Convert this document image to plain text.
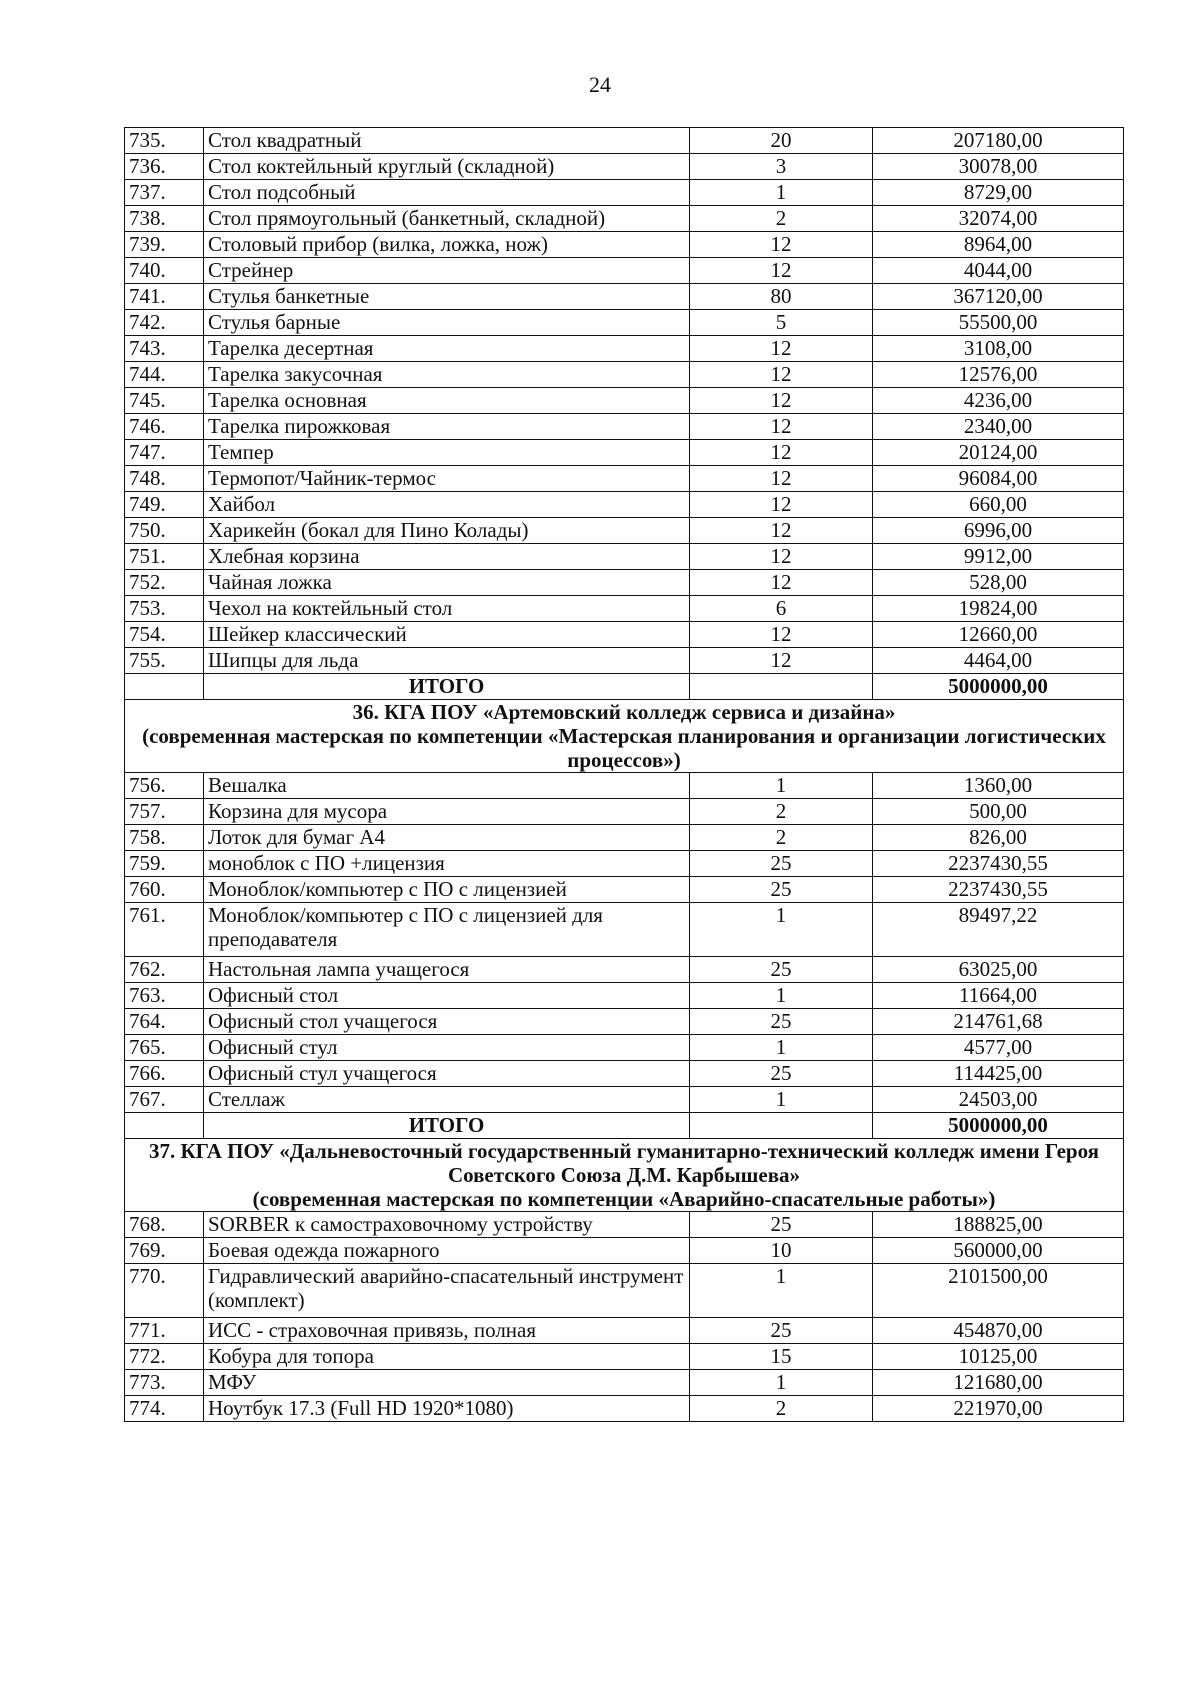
24
735.	Стол квадратный	20	207180,00
736.	Стол коктейльный круглый (складной)	3	30078,00
737.	Стол подсобный	1	8729,00
738.	Стол прямоугольный (банкетный, складной)	2	32074,00
739.	Столовый прибор (вилка, ложка, нож)	12	8964,00
740.	Стрейнер	12	4044,00
741.	Стулья банкетные	80	367120,00
742.	Стулья барные	5	55500,00
743.	Тарелка десертная	12	3108,00
744.	Тарелка закусочная	12	12576,00
745.	Тарелка основная	12	4236,00
746.	Тарелка пирожковая	12	2340,00
747.	Темпер	12	20124,00
748.	Термопот/Чайник-термос	12	96084,00
749.	Хайбол	12	660,00
750.	Харикейн (бокал для Пино Колады)	12	6996,00
751.	Хлебная корзина	12	9912,00
752.	Чайная ложка	12	528,00
753.	Чехол на коктейльный стол	6	19824,00
754.	Шейкер классический	12	12660,00
755.	Шипцы для льда	12	4464,00
	ИТОГО		5000000,00

36. КГА ПОУ «Артемовский колледж сервиса и дизайна»
(современная мастерская по компетенции «Мастерская планирования и организации логистических процессов»)			

756.	Вешалка	1	1360,00
757.	Корзина для мусора	2	500,00
758.	Лоток для бумаг А4	2	826,00
759.	моноблок с ПО +лицензия	25	2237430,55
760.	Моноблок/компьютер с ПО с лицензией	25	2237430,55
761.	Моноблок/компьютер с ПО с лицензией для преподавателя	1	89497,22
762.	Настольная лампа учащегося	25	63025,00
763.	Офисный стол	1	11664,00
764.	Офисный стол учащегося	25	214761,68
765.	Офисный стул	1	4577,00
766.	Офисный стул учащегося	25	114425,00
767.	Стеллаж	1	24503,00
	ИТОГО		5000000,00

37. КГА ПОУ «Дальневосточный государственный гуманитарно-технический колледж имени Героя Советского Союза Д.М. Карбышева»
(современная мастерская по компетенции «Аварийно-спасательные работы»)			

768.	SORBER к самостраховочному устройству	25	188825,00
769.	Боевая одежда пожарного	10	560000,00
770.	Гидравлический аварийно-спасательный инструмент (комплект)	1	2101500,00
771.	ИСС - страховочная привязь, полная	25	454870,00
772.	Кобура для топора	15	10125,00
773.	МФУ	1	121680,00
774.	Ноутбук 17.3 (Full HD 1920*1080)	2	221970,00
